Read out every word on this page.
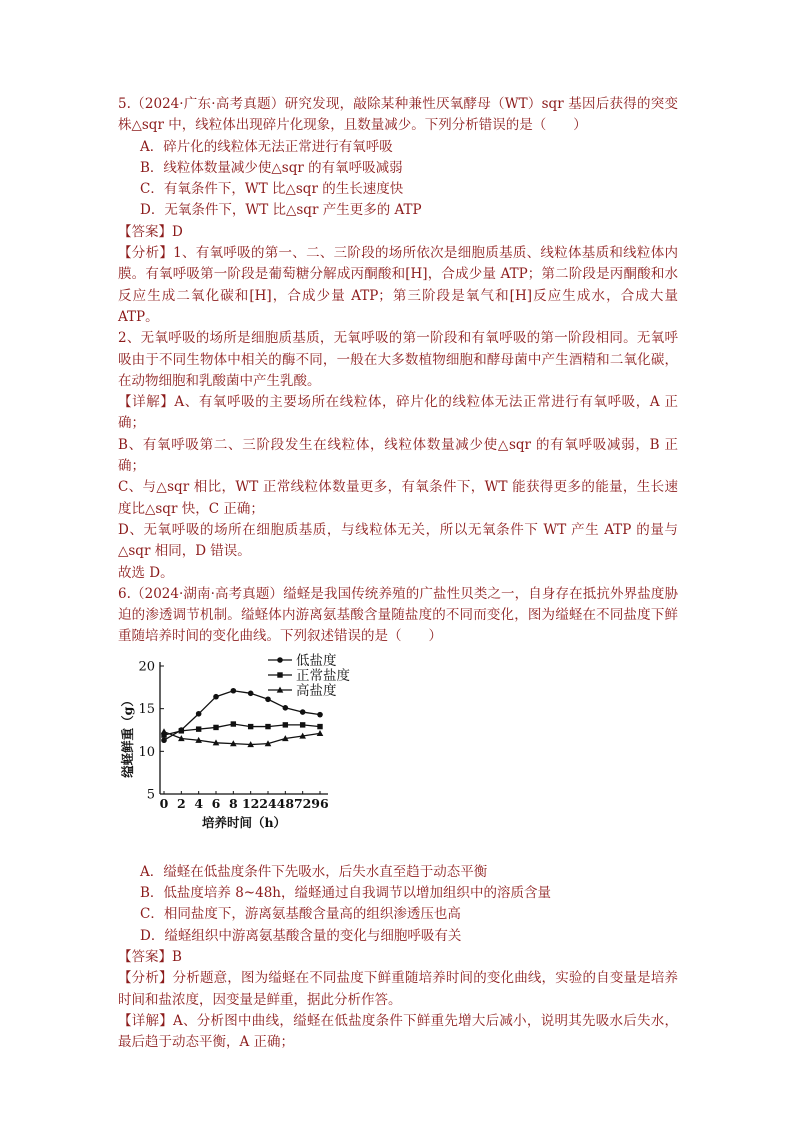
5.（2024·广东·高考真题）研究发现，敲除某种兼性厌氧酵母（WT）sqr 基因后获得的突变株△sqr 中，线粒体出现碎片化现象，且数量减少。下列分析错误的是（　　）

A．碎片化的线粒体无法正常进行有氧呼吸

B．线粒体数量减少使△sqr 的有氧呼吸减弱

C．有氧条件下，WT 比△sqr 的生长速度快

D．无氧条件下，WT 比△sqr 产生更多的 ATP

【答案】D

【分析】1、有氧呼吸的第一、二、三阶段的场所依次是细胞质基质、线粒体基质和线粒体内膜。有氧呼吸第一阶段是葡萄糖分解成丙酮酸和[H]，合成少量 ATP；第二阶段是丙酮酸和水反应生成二氧化碳和[H]，合成少量 ATP；第三阶段是氧气和[H]反应生成水，合成大量 ATP。

2、无氧呼吸的场所是细胞质基质，无氧呼吸的第一阶段和有氧呼吸的第一阶段相同。无氧呼吸由于不同生物体中相关的酶不同，一般在大多数植物细胞和酵母菌中产生酒精和二氧化碳，在动物细胞和乳酸菌中产生乳酸。

【详解】A、有氧呼吸的主要场所在线粒体，碎片化的线粒体无法正常进行有氧呼吸，A 正确；

B、有氧呼吸第二、三阶段发生在线粒体，线粒体数量减少使△sqr 的有氧呼吸减弱，B 正确；

C、与△sqr 相比，WT 正常线粒体数量更多，有氧条件下，WT 能获得更多的能量，生长速度比△sqr 快，C 正确；

D、无氧呼吸的场所在细胞质基质，与线粒体无关，所以无氧条件下 WT 产生 ATP 的量与△sqr 相同，D 错误。

故选 D。

6.（2024·湖南·高考真题）缢蛏是我国传统养殖的广盐性贝类之一，自身存在抵抗外界盐度胁迫的渗透调节机制。缢蛏体内游离氨基酸含量随盐度的不同而变化，图为缢蛏在不同盐度下鲜重随培养时间的变化曲线。下列叙述错误的是（　　）

5
10
15
20
0 2 4 6 8 12 24 48 72 96
培养时间（h）
缢蛏鲜重（g）
低盐度
正常盐度
高盐度

A．缢蛏在低盐度条件下先吸水，后失水直至趋于动态平衡

B．低盐度培养 8~48h，缢蛏通过自我调节以增加组织中的溶质含量

C．相同盐度下，游离氨基酸含量高的组织渗透压也高

D．缢蛏组织中游离氨基酸含量的变化与细胞呼吸有关

【答案】B

【分析】分析题意，图为缢蛏在不同盐度下鲜重随培养时间的变化曲线，实验的自变量是培养时间和盐浓度，因变量是鲜重，据此分析作答。

【详解】A、分析图中曲线，缢蛏在低盐度条件下鲜重先增大后减小，说明其先吸水后失水，最后趋于动态平衡，A 正确；
